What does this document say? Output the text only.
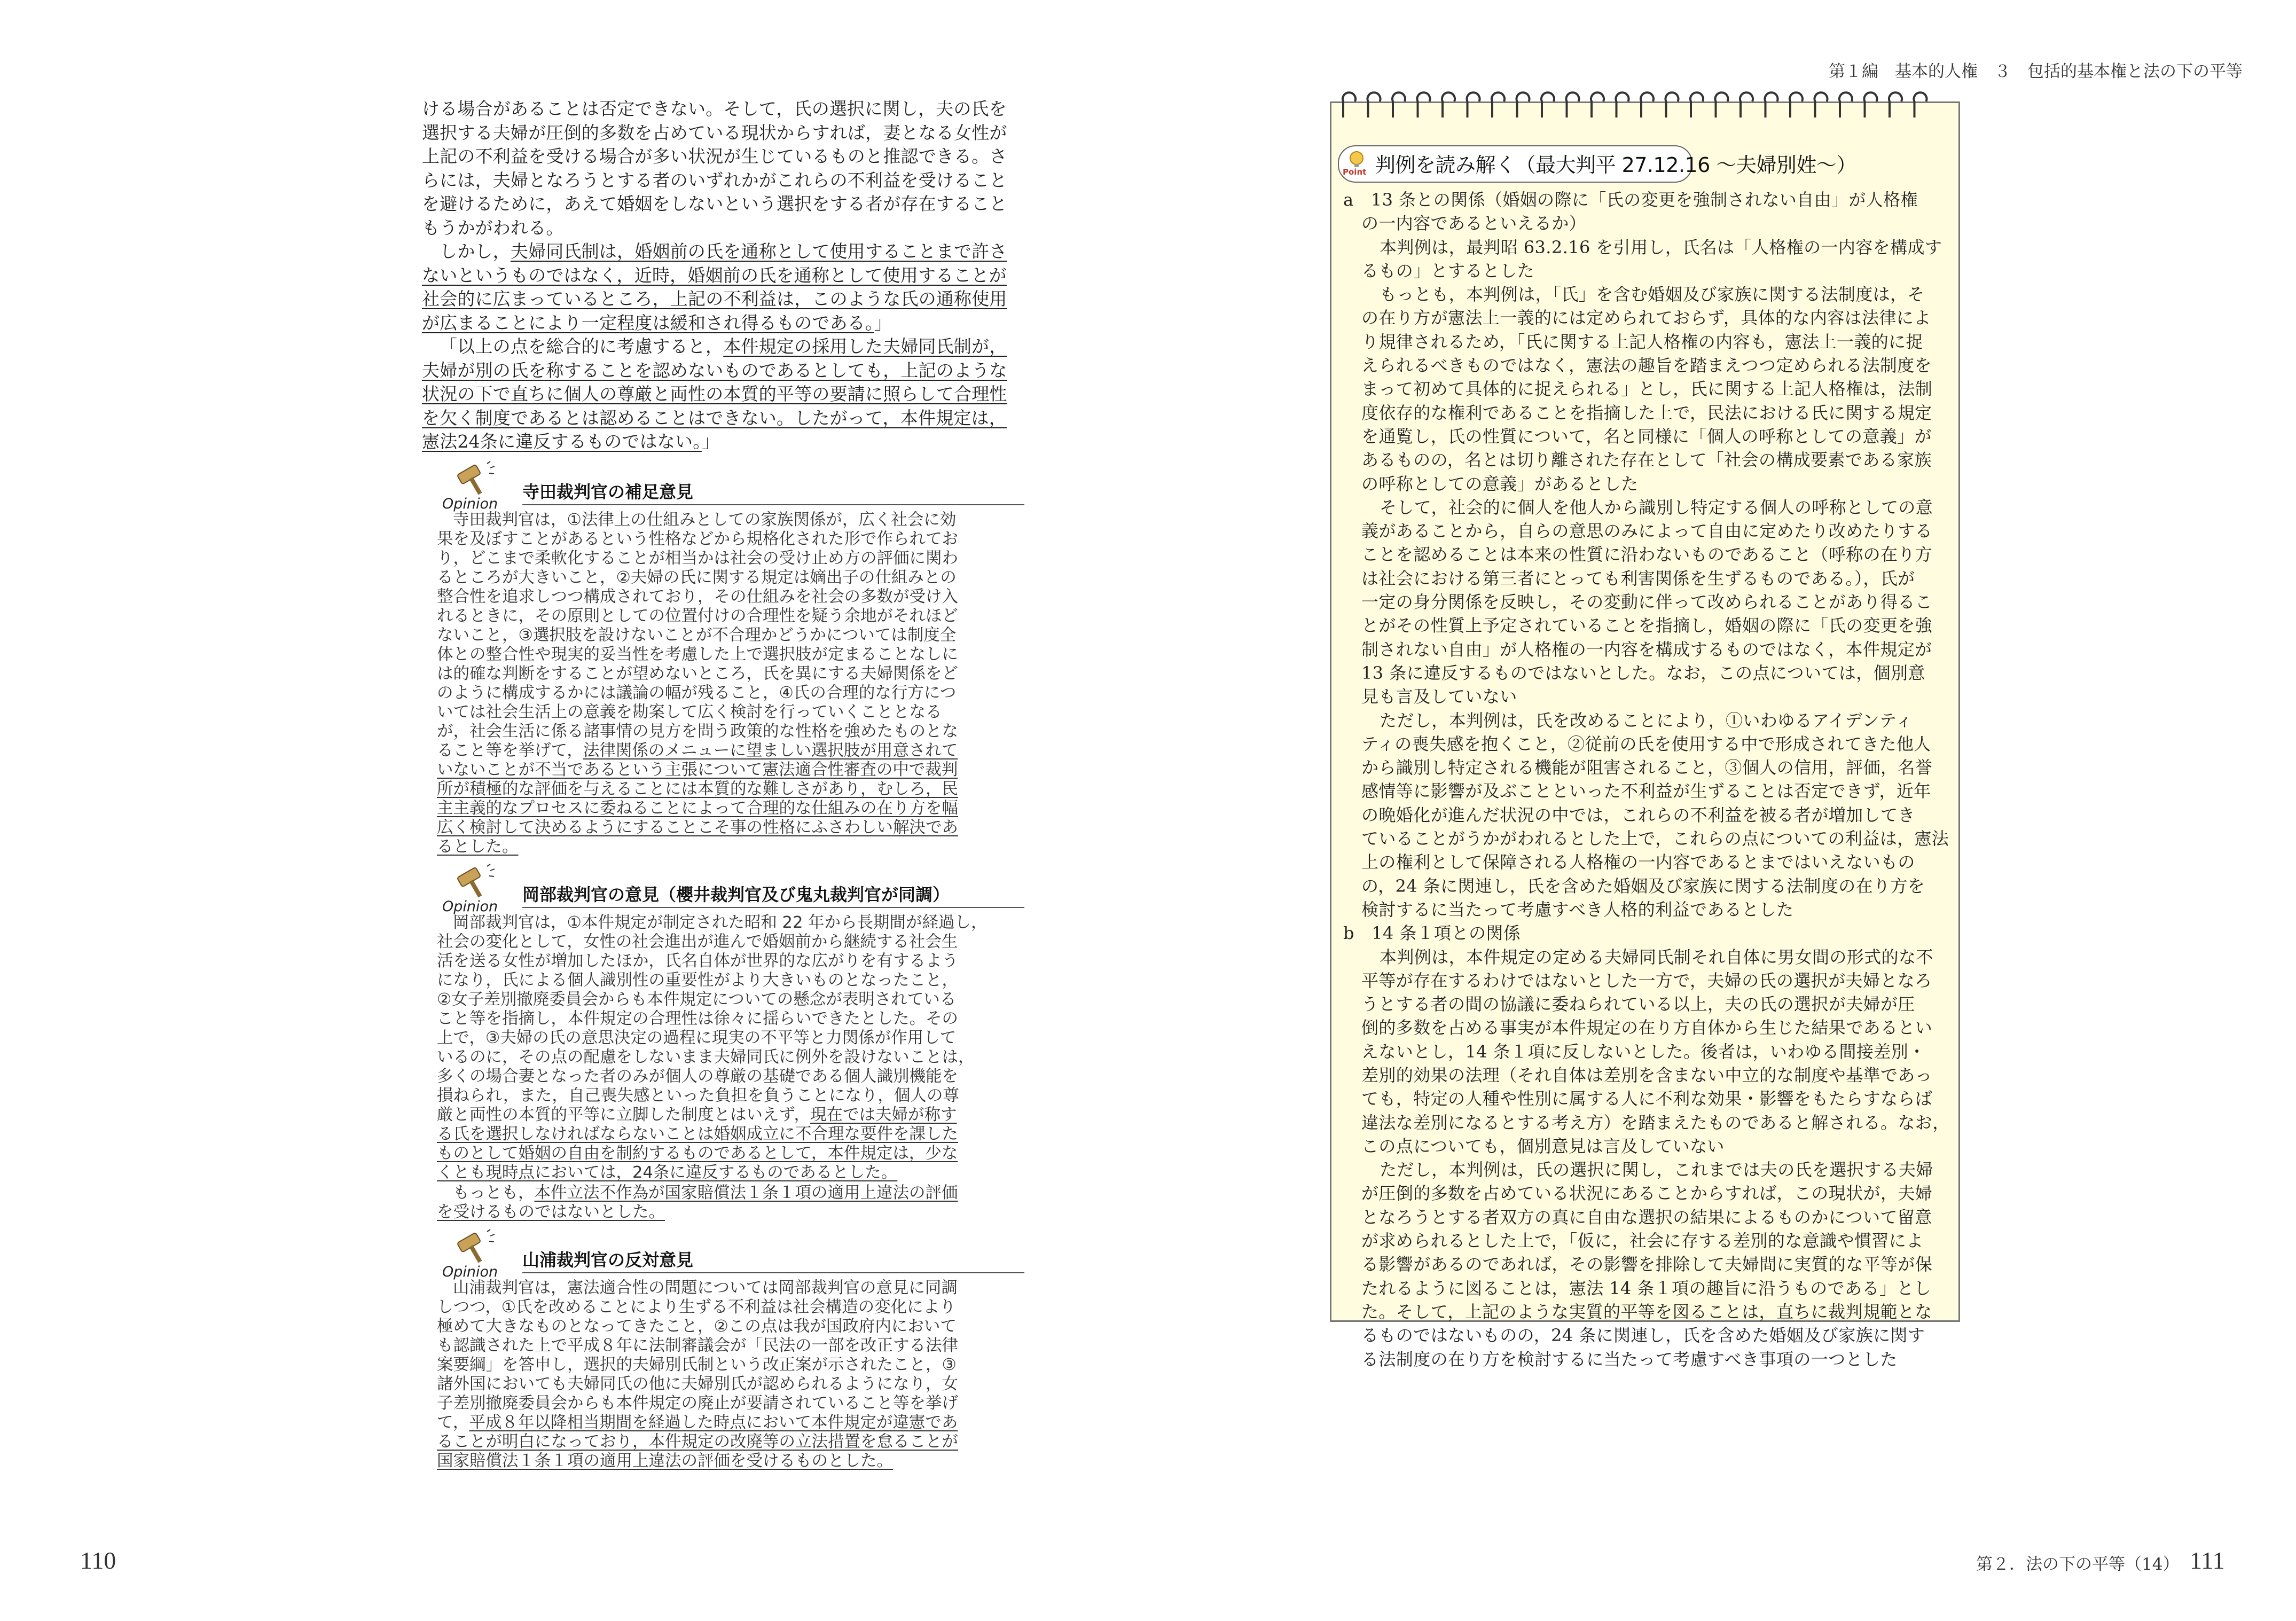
第１編　基本的人権　３　包括的基本権と法の下の平等
110	第２．法の下の平等（14） 111

ける場合があることは否定できない。そして，氏の選択に関し，夫の氏を
選択する夫婦が圧倒的多数を占めている現状からすれば，妻となる女性が
上記の不利益を受ける場合が多い状況が生じているものと推認できる。さ
らには，夫婦となろうとする者のいずれかがこれらの不利益を受けること
を避けるために，あえて婚姻をしないという選択をする者が存在すること
もうかがわれる。

しかし，夫婦同氏制は，婚姻前の氏を通称として使用することまで許さ
ないというものではなく，近時，婚姻前の氏を通称として使用することが
社会的に広まっているところ，上記の不利益は，このような氏の通称使用
が広まることにより一定程度は緩和され得るものである。」

「以上の点を総合的に考慮すると，本件規定の採用した夫婦同氏制が，
夫婦が別の氏を称することを認めないものであるとしても，上記のような
状況の下で直ちに個人の尊厳と両性の本質的平等の要請に照らして合理性
を欠く制度であるとは認めることはできない。したがって，本件規定は，
憲法24条に違反するものではない。」

Opinion
寺田裁判官の補足意見

寺田裁判官は，①法律上の仕組みとしての家族関係が，広く社会に効
果を及ぼすことがあるという性格などから規格化された形で作られてお
り，どこまで柔軟化することが相当かは社会の受け止め方の評価に関わ
るところが大きいこと，②夫婦の氏に関する規定は嫡出子の仕組みとの
整合性を追求しつつ構成されており，その仕組みを社会の多数が受け入
れるときに，その原則としての位置付けの合理性を疑う余地がそれほど
ないこと，③選択肢を設けないことが不合理かどうかについては制度全
体との整合性や現実的妥当性を考慮した上で選択肢が定まることなしに
は的確な判断をすることが望めないところ，氏を異にする夫婦関係をど
のように構成するかには議論の幅が残ること，④氏の合理的な行方につ
いては社会生活上の意義を勘案して広く検討を行っていくこととなる
が，社会生活に係る諸事情の見方を問う政策的な性格を強めたものとな
ること等を挙げて，法律関係のメニューに望ましい選択肢が用意されて
いないことが不当であるという主張について憲法適合性審査の中で裁判
所が積極的な評価を与えることには本質的な難しさがあり，むしろ，民
主主義的なプロセスに委ねることによって合理的な仕組みの在り方を幅
広く検討して決めるようにすることこそ事の性格にふさわしい解決であ
るとした。

Opinion
岡部裁判官の意見（櫻井裁判官及び鬼丸裁判官が同調）

岡部裁判官は，①本件規定が制定された昭和 22 年から長期間が経過し，
社会の変化として，女性の社会進出が進んで婚姻前から継続する社会生
活を送る女性が増加したほか，氏名自体が世界的な広がりを有するよう
になり，氏による個人識別性の重要性がより大きいものとなったこと，
②女子差別撤廃委員会からも本件規定についての懸念が表明されている
こと等を指摘し，本件規定の合理性は徐々に揺らいできたとした。その
上で，③夫婦の氏の意思決定の過程に現実の不平等と力関係が作用して
いるのに，その点の配慮をしないまま夫婦同氏に例外を設けないことは，
多くの場合妻となった者のみが個人の尊厳の基礎である個人識別機能を
損ねられ，また，自己喪失感といった負担を負うことになり，個人の尊
厳と両性の本質的平等に立脚した制度とはいえず，現在では夫婦が称す
る氏を選択しなければならないことは婚姻成立に不合理な要件を課した
ものとして婚姻の自由を制約するものであるとして，本件規定は，少な
くとも現時点においては，24条に違反するものであるとした。

もっとも，本件立法不作為が国家賠償法１条１項の適用上違法の評価
を受けるものではないとした。

Opinion
山浦裁判官の反対意見

山浦裁判官は，憲法適合性の問題については岡部裁判官の意見に同調
しつつ，①氏を改めることにより生ずる不利益は社会構造の変化により
極めて大きなものとなってきたこと，②この点は我が国政府内において
も認識された上で平成８年に法制審議会が「民法の一部を改正する法律
案要綱」を答申し，選択的夫婦別氏制という改正案が示されたこと，③
諸外国においても夫婦同氏の他に夫婦別氏が認められるようになり，女
子差別撤廃委員会からも本件規定の廃止が要請されていること等を挙げ
て，平成８年以降相当期間を経過した時点において本件規定が違憲であ
ることが明白になっており，本件規定の改廃等の立法措置を怠ることが
国家賠償法１条１項の適用上違法の評価を受けるものとした。

Point 判例を読み解く（最大判平 27.12.16 〜夫婦別姓〜）

a　13 条との関係（婚姻の際に「氏の変更を強制されない自由」が人格権
の一内容であるといえるか）

本判例は，最判昭 63.2.16 を引用し，氏名は「人格権の一内容を構成す
るもの」とするとした

もっとも，本判例は，「氏」を含む婚姻及び家族に関する法制度は，そ
の在り方が憲法上一義的には定められておらず，具体的な内容は法律によ
り規律されるため，「氏に関する上記人格権の内容も，憲法上一義的に捉
えられるべきものではなく，憲法の趣旨を踏まえつつ定められる法制度を
まって初めて具体的に捉えられる」とし，氏に関する上記人格権は，法制
度依存的な権利であることを指摘した上で，民法における氏に関する規定
を通覧し，氏の性質について，名と同様に「個人の呼称としての意義」が
あるものの，名とは切り離された存在として「社会の構成要素である家族
の呼称としての意義」があるとした

そして，社会的に個人を他人から識別し特定する個人の呼称としての意
義があることから，自らの意思のみによって自由に定めたり改めたりする
ことを認めることは本来の性質に沿わないものであること（呼称の在り方
は社会における第三者にとっても利害関係を生ずるものである。），氏が
一定の身分関係を反映し，その変動に伴って改められることがあり得るこ
とがその性質上予定されていることを指摘し，婚姻の際に「氏の変更を強
制されない自由」が人格権の一内容を構成するものではなく，本件規定が
13 条に違反するものではないとした。なお，この点については，個別意
見も言及していない

ただし，本判例は，氏を改めることにより，①いわゆるアイデンティ
ティの喪失感を抱くこと，②従前の氏を使用する中で形成されてきた他人
から識別し特定される機能が阻害されること，③個人の信用，評価，名誉
感情等に影響が及ぶことといった不利益が生ずることは否定できず，近年
の晩婚化が進んだ状況の中では，これらの不利益を被る者が増加してき
ていることがうかがわれるとした上で，これらの点についての利益は，憲法
上の権利として保障される人格権の一内容であるとまではいえないもの
の，24 条に関連し，氏を含めた婚姻及び家族に関する法制度の在り方を
検討するに当たって考慮すべき人格的利益であるとした

b　14 条１項との関係

本判例は，本件規定の定める夫婦同氏制それ自体に男女間の形式的な不
平等が存在するわけではないとした一方で，夫婦の氏の選択が夫婦となろ
うとする者の間の協議に委ねられている以上，夫の氏の選択が夫婦が圧
倒的多数を占める事実が本件規定の在り方自体から生じた結果であるとい
えないとし，14 条１項に反しないとした。後者は，いわゆる間接差別・
差別的効果の法理（それ自体は差別を含まない中立的な制度や基準であっ
ても，特定の人種や性別に属する人に不利な効果・影響をもたらすならば
違法な差別になるとする考え方）を踏まえたものであると解される。なお，
この点についても，個別意見は言及していない

ただし，本判例は，氏の選択に関し，これまでは夫の氏を選択する夫婦
が圧倒的多数を占めている状況にあることからすれば，この現状が，夫婦
となろうとする者双方の真に自由な選択の結果によるものかについて留意
が求められるとした上で，「仮に，社会に存する差別的な意識や慣習によ
る影響があるのであれば，その影響を排除して夫婦間に実質的な平等が保
たれるように図ることは，憲法 14 条１項の趣旨に沿うものである」とし
た。そして，上記のような実質的平等を図ることは，直ちに裁判規範とな
るものではないものの，24 条に関連し，氏を含めた婚姻及び家族に関す
る法制度の在り方を検討するに当たって考慮すべき事項の一つとした
